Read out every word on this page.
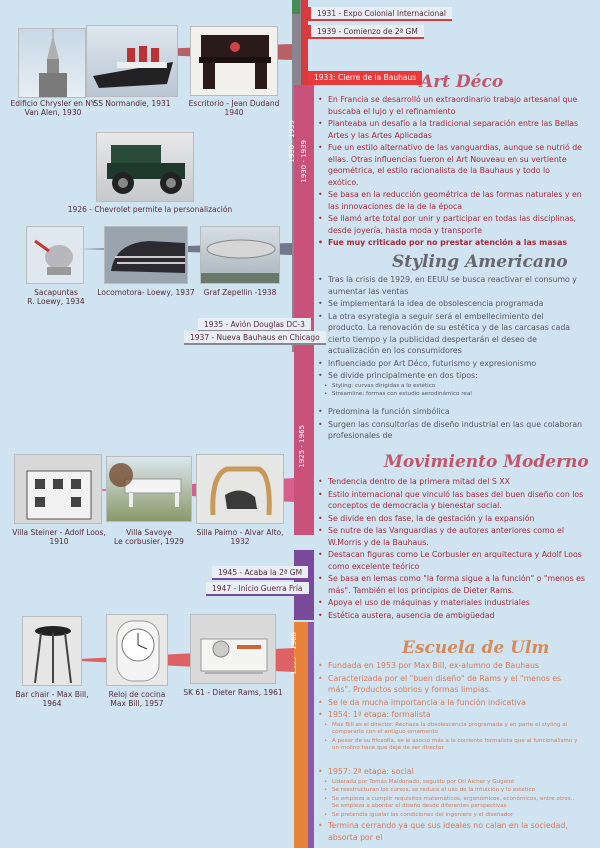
1930 - 1939 1930 - 1939
1925 - 1965
1953 - 1968
1931 - Expo Colonial Internacional
1939 - Comienzo de 2ª GM
1933: Cierre de la Bauhaus
1935 - Avión Douglas DC-3
1937 - Nueva Bauhaus en Chicago
1945 - Acaba la 2ª GM
1947 - Inicio Guerra Fría
Edificio Chrysler en NY
Van Alen, 1930
SS Normandie, 1931	Escritorio - Jean Dudand 1940
1926 - Chevrolet permite la personalización
Sacapuntas
R. Loewy, 1934
Locomotora- Loewy, 1937	Graf Zepellin -1938
Villa Steiner - Adolf Loos, 1910
Villa Savoye
Le corbusier, 1929
Silla Paimo - Alvar Alto, 1932
Bar chair - Max Bill, 1964
Reloj de cocina
Max Bill, 1957
SK 61 - Dieter Rams, 1961
Art Déco
• En Francia se desarrolló un extraordinario trabajo artesanal que buscaba el lujo y el refinamiento
• Planteaba un desafío a la tradicional separación entre las Bellas Artes y las Artes Aplicadas
• Fue un estilo alternativo de las vanguardias, aunque se nutrió de ellas. Otras influencias fueron el Art Nouveau en su vertiente geométrica, el estilo racionalista de la Bauhaus y todo lo exótico.
• Se basa en la reducción geométrica de las formas naturales y en las innovaciones de la de la época
• Se llamó arte total por unir y participar en todas las disciplinas, desde joyería, hasta moda y transporte
• Fue muy criticado por no prestar atención a las masas
Styling Americano
• Tras la crisis de 1929, en EEUU se busca reactivar el consumo y aumentar las ventas
• Se implementará la idea de obsolescencia programada
• La otra esyrategia a seguir será el embellecimiento del producto. La renovación de su estética y de las carcasas cada cierto tiempo y la publicidad despertarán el deseo de actualización en los consumidores
• Influenciado por Art Déco, futurismo y expresionismo
• Se divide principalmente en dos tipos:
• Styling: curvas dirigidas a lo estético
• Streamline: formas con estudio aerodinámico real
• Predomina la función simbólica
• Surgen las consultorías de diseño industrial en las que colaboran profesionales de
Movimiento Moderno
• Tendencia dentro de la primera mitad del S XX
• Estilo internacional que vinculó las bases del buen diseño con los conceptos de democracia y bienestar social.
• Se divide en dos fase, la de gestación y la expansión
• Se nutre de las Vanguardias y de autores anteriores como el W.Morris y de la Bauhaus.
• Destacan figuras como Le Corbusier en arquitectura y Adolf Loos como excelente teórico
• Se basa en lemas como "la forma sigue a la función" o "menos es más". También el los principios de Dieter Rams.
• Apoya el uso de máquinas y materiales industriales
• Estética austera, ausencia de ambigüedad
Escuela de Ulm
• Fundada en 1953 por Max Bill, ex-alumno de Bauhaus
• Caracterizada por el "buen diseño" de Rams y el "menos es más". Productos sobrios y formas limpias.
• Se le da mucha importancia a la función indicativa
• 1954: 1ª etapa: formalista
• Max Bill es el director. Rechaza la obsolescencia programada y en parte el styling al compararlo con el antiguo ornamento
• A pesar de su filosofía, se le asoció más a la corriente formalista que al funcionalismo y un molino hace que deje de ser director
• 1957: 2ª etapa: social
• Liderada por Tomás Maldonado, seguido por Otl Aicher y Gugelot
• Se reestructuran los cursos, se reduce el uso de la intuición y lo estético
• Se empieza a cumplir requisitos matemáticos, ergonómicos, económicos, entre otros.. Se empieza a abordar el diseño desde diferentes perspectivas
• Se pretendía igualar las condiciones del ingeniero y el diseñador
• Termina cerrando ya que sus ideales no calan en la sociedad, absorta por el
